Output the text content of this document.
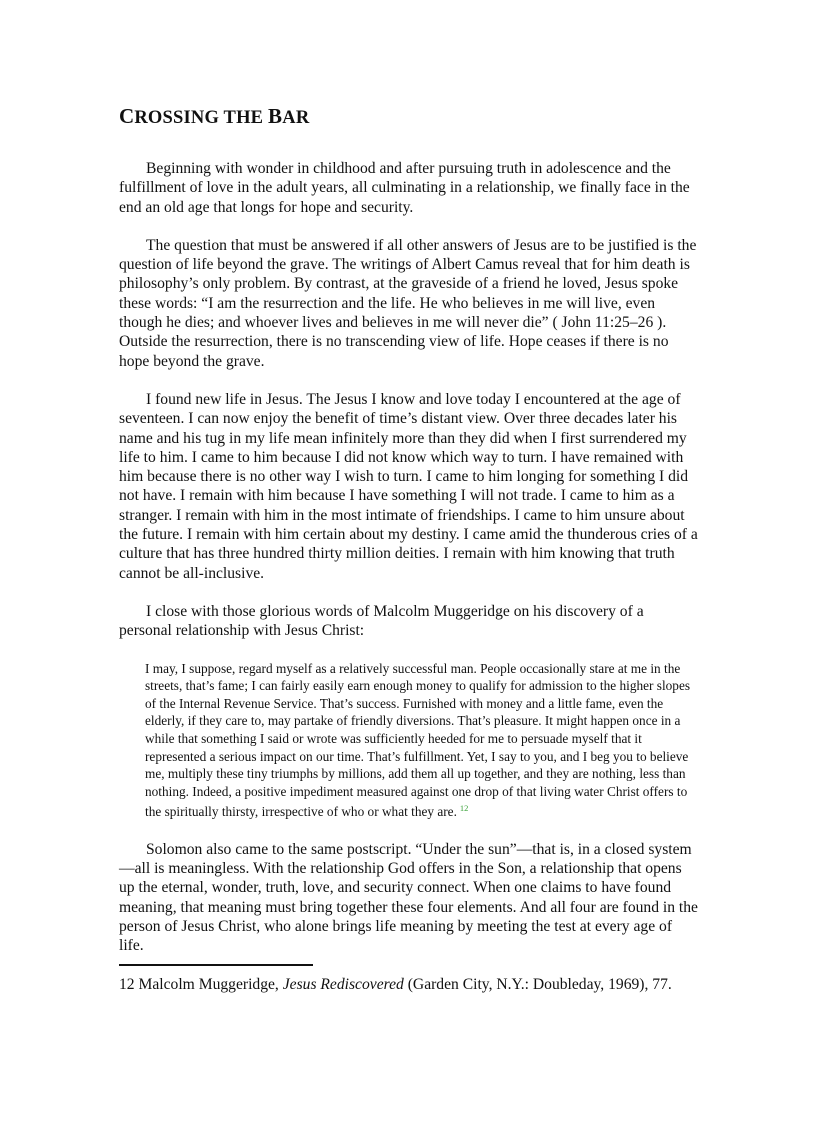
CROSSING THE BAR

Beginning with wonder in childhood and after pursuing truth in adolescence and the fulfillment of love in the adult years, all culminating in a relationship, we finally face in the end an old age that longs for hope and security.

The question that must be answered if all other answers of Jesus are to be justified is the question of life beyond the grave. The writings of Albert Camus reveal that for him death is philosophy’s only problem. By contrast, at the graveside of a friend he loved, Jesus spoke these words: “I am the resurrection and the life. He who believes in me will live, even though he dies; and whoever lives and believes in me will never die” ( John 11:25–26 ). Outside the resurrection, there is no transcending view of life. Hope ceases if there is no hope beyond the grave.

I found new life in Jesus. The Jesus I know and love today I encountered at the age of seventeen. I can now enjoy the benefit of time’s distant view. Over three decades later his name and his tug in my life mean infinitely more than they did when I first surrendered my life to him. I came to him because I did not know which way to turn. I have remained with him because there is no other way I wish to turn. I came to him longing for something I did not have. I remain with him because I have something I will not trade. I came to him as a stranger. I remain with him in the most intimate of friendships. I came to him unsure about the future. I remain with him certain about my destiny. I came amid the thunderous cries of a culture that has three hundred thirty million deities. I remain with him knowing that truth cannot be all-inclusive.

I close with those glorious words of Malcolm Muggeridge on his discovery of a personal relationship with Jesus Christ:

I may, I suppose, regard myself as a relatively successful man. People occasionally stare at me in the streets, that’s fame; I can fairly easily earn enough money to qualify for admission to the higher slopes of the Internal Revenue Service. That’s success. Furnished with money and a little fame, even the elderly, if they care to, may partake of friendly diversions. That’s pleasure. It might happen once in a while that something I said or wrote was sufficiently heeded for me to persuade myself that it represented a serious impact on our time. That’s fulfillment. Yet, I say to you, and I beg you to believe me, multiply these tiny triumphs by millions, add them all up together, and they are nothing, less than nothing. Indeed, a positive impediment measured against one drop of that living water Christ offers to the spiritually thirsty, irrespective of who or what they are. $^{12}$

Solomon also came to the same postscript. “Under the sun”—that is, in a closed system—all is meaningless. With the relationship God offers in the Son, a relationship that opens up the eternal, wonder, truth, love, and security connect. When one claims to have found meaning, that meaning must bring together these four elements. And all four are found in the person of Jesus Christ, who alone brings life meaning by meeting the test at every age of life.

12 Malcolm Muggeridge, Jesus Rediscovered (Garden City, N.Y.: Doubleday, 1969), 77.
